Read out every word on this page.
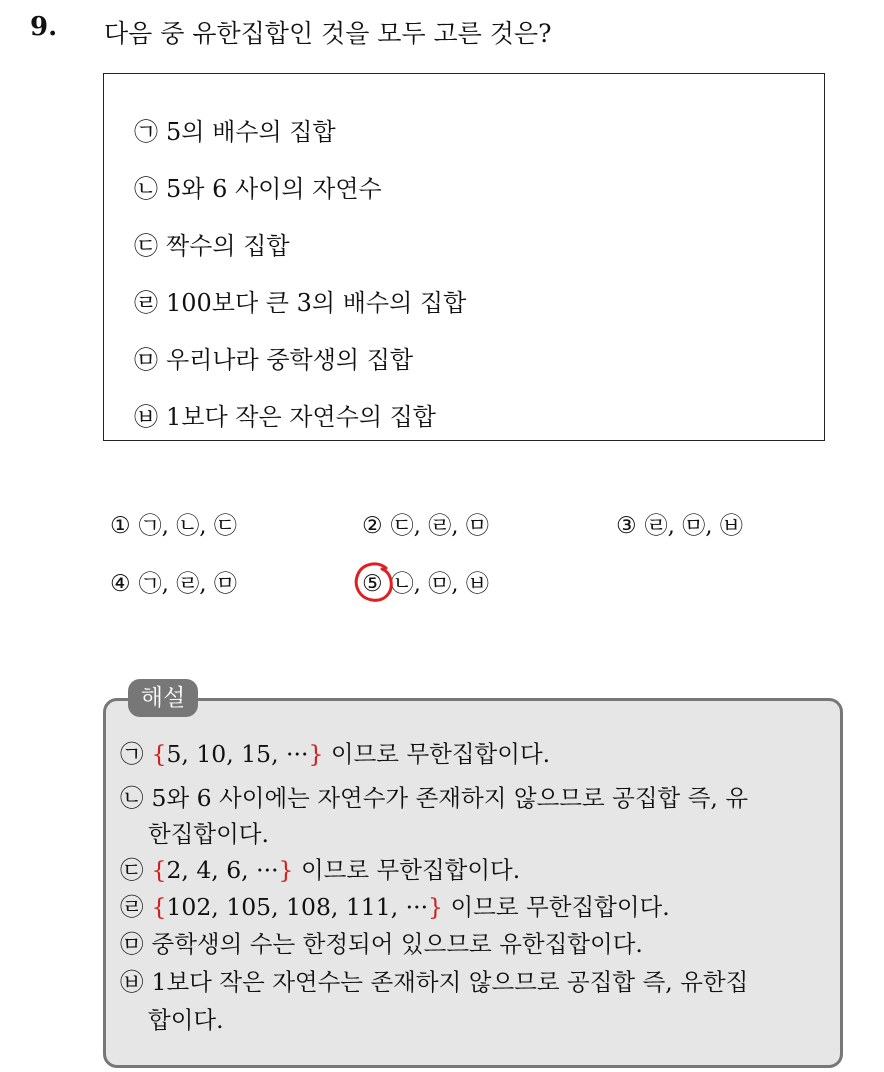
9. 다음 중 유한집합인 것을 모두 고른 것은?
㉠ 5의 배수의 집합
㉡ 5와 6 사이의 자연수
㉢ 짝수의 집합
㉣ 100보다 큰 3의 배수의 집합
㉤ 우리나라 중학생의 집합
㉥ 1보다 작은 자연수의 집합
① ㉠, ㉡, ㉢	② ㉢, ㉣, ㉤	③ ㉣, ㉤, ㉥
④ ㉠, ㉣, ㉤	⑤ ㉡, ㉤, ㉥
㉠ {5, 10, 15, ···} 이므로 무한집합이다.
㉡ 5와 6 사이에는 자연수가 존재하지 않으므로 공집합 즉, 유
한집합이다.
㉢ {2, 4, 6, ···} 이므로 무한집합이다.
㉣ {102, 105, 108, 111, ···} 이므로 무한집합이다.
㉤ 중학생의 수는 한정되어 있으므로 유한집합이다.
㉥ 1보다 작은 자연수는 존재하지 않으므로 공집합 즉, 유한집
합이다.
해설
